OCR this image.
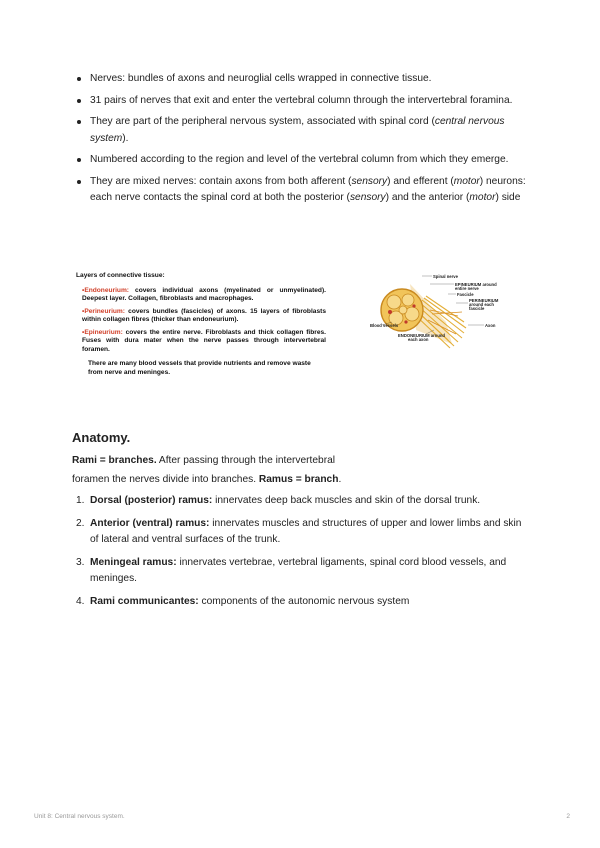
Nerves: bundles of axons and neuroglial cells wrapped in connective tissue.
31 pairs of nerves that exit and enter the vertebral column through the intervertebral foramina.
They are part of the peripheral nervous system, associated with spinal cord (central nervous system).
Numbered according to the region and level of the vertebral column from which they emerge.
They are mixed nerves: contain axons from both afferent (sensory) and efferent (motor) neurons: each nerve contacts the spinal cord at both the posterior (sensory) and the anterior (motor) side
Layers of connective tissue:
•Endoneurium: covers individual axons (myelinated or unmyelinated). Deepest layer. Collagen, fibroblasts and macrophages.
•Perineurium: covers bundles (fascicles) of axons. 15 layers of fibroblasts within collagen fibres (thicker than endoneurium).
•Epineurium: covers the entire nerve. Fibroblasts and thick collagen fibres. Fuses with dura mater when the nerve passes through intervertebral foramen.
There are many blood vessels that provide nutrients and remove waste from nerve and meninges.
Spinal nerve
EPINEURIUM around
entire nerve
Fascicle
PERINEURIUM
around each
fascicle
Blood vessels	Axon
ENDONEURIUM around
each axon
Anatomy.

Rami = branches. After passing through the intervertebral
foramen the nerves divide into branches. Ramus = branch.

1. Dorsal (posterior) ramus: innervates deep back muscles and skin of the dorsal trunk.
2. Anterior (ventral) ramus: innervates muscles and structures of upper and lower limbs and skin of lateral and ventral surfaces of the trunk.
3. Meningeal ramus: innervates vertebrae, vertebral ligaments, spinal cord blood vessels, and meninges.
4. Rami communicantes: components of the autonomic nervous system
Unit 8: Central nervous system.	2
